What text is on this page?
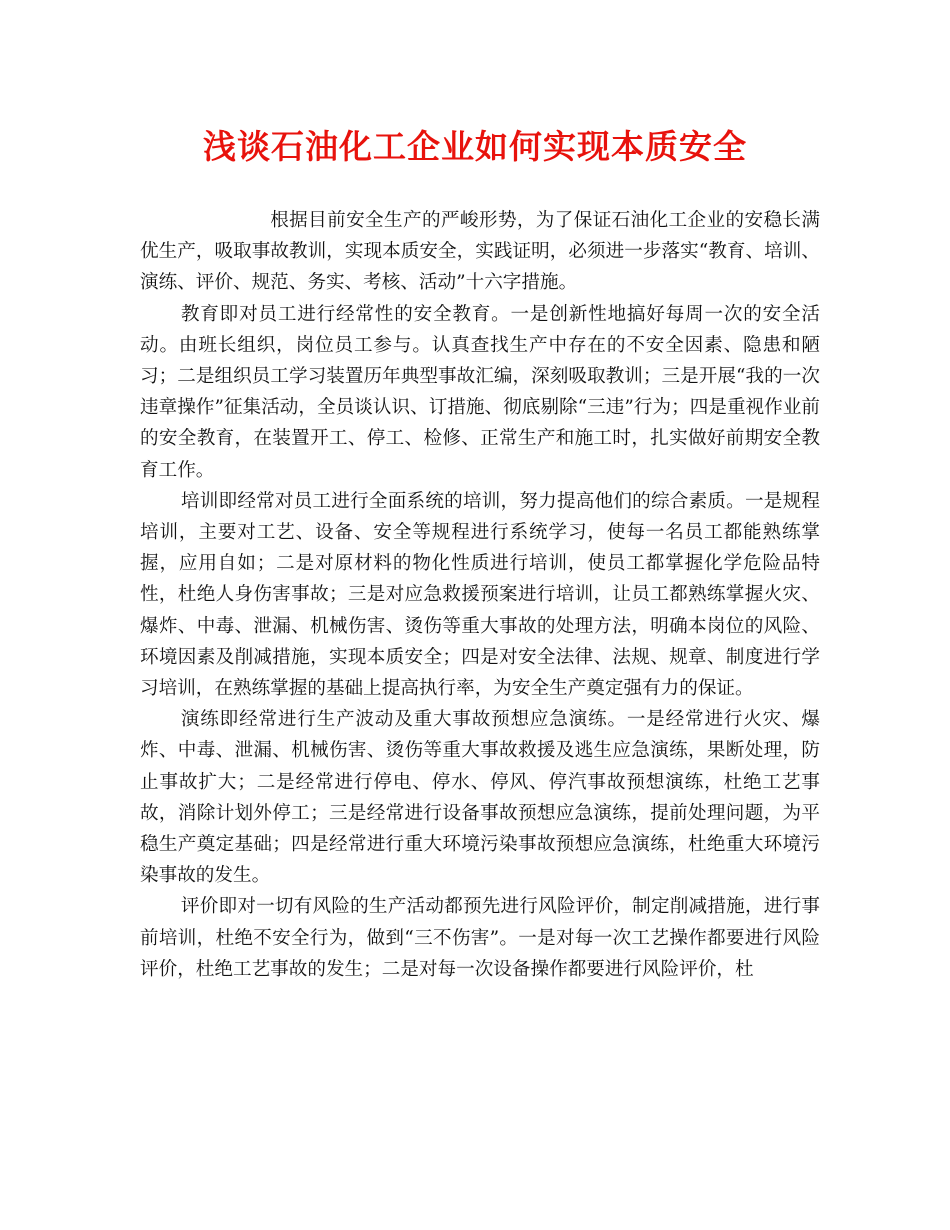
浅谈石油化工企业如何实现本质安全

根据目前安全生产的严峻形势，为了保证石油化工企业的安稳长满优生产，吸取事故教训，实现本质安全，实践证明，必须进一步落实“教育、培训、演练、评价、规范、务实、考核、活动”十六字措施。

教育即对员工进行经常性的安全教育。一是创新性地搞好每周一次的安全活动。由班长组织，岗位员工参与。认真查找生产中存在的不安全因素、隐患和陋习；二是组织员工学习装置历年典型事故汇编，深刻吸取教训；三是开展“我的一次违章操作”征集活动，全员谈认识、订措施、彻底剔除“三违”行为；四是重视作业前的安全教育，在装置开工、停工、检修、正常生产和施工时，扎实做好前期安全教育工作。

培训即经常对员工进行全面系统的培训，努力提高他们的综合素质。一是规程培训，主要对工艺、设备、安全等规程进行系统学习，使每一名员工都能熟练掌握，应用自如；二是对原材料的物化性质进行培训，使员工都掌握化学危险品特性，杜绝人身伤害事故；三是对应急救援预案进行培训，让员工都熟练掌握火灾、爆炸、中毒、泄漏、机械伤害、烫伤等重大事故的处理方法，明确本岗位的风险、环境因素及削减措施，实现本质安全；四是对安全法律、法规、规章、制度进行学习培训，在熟练掌握的基础上提高执行率，为安全生产奠定强有力的保证。

演练即经常进行生产波动及重大事故预想应急演练。一是经常进行火灾、爆炸、中毒、泄漏、机械伤害、烫伤等重大事故救援及逃生应急演练，果断处理，防止事故扩大；二是经常进行停电、停水、停风、停汽事故预想演练，杜绝工艺事故，消除计划外停工；三是经常进行设备事故预想应急演练，提前处理问题，为平稳生产奠定基础；四是经常进行重大环境污染事故预想应急演练，杜绝重大环境污染事故的发生。

评价即对一切有风险的生产活动都预先进行风险评价，制定削减措施，进行事前培训，杜绝不安全行为，做到“三不伤害”。一是对每一次工艺操作都要进行风险评价，杜绝工艺事故的发生；二是对每一次设备操作都要进行风险评价，杜
